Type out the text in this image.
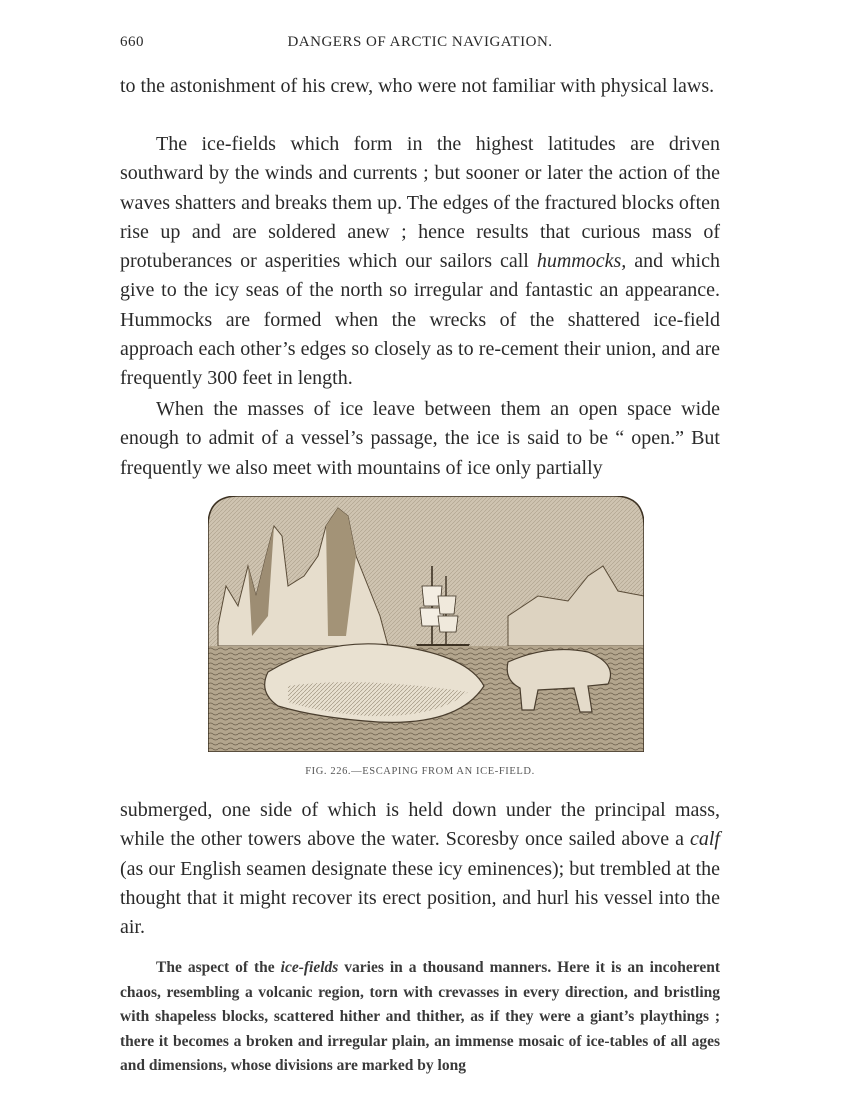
660	DANGERS OF ARCTIC NAVIGATION.

to the astonishment of his crew, who were not familiar with physical laws.

The ice-fields which form in the highest latitudes are driven southward by the winds and currents ; but sooner or later the action of the waves shatters and breaks them up. The edges of the fractured blocks often rise up and are soldered anew ; hence results that curious mass of protuberances or asperities which our sailors call hummocks, and which give to the icy seas of the north so irregular and fantastic an appearance. Hummocks are formed when the wrecks of the shattered ice-field approach each other’s edges so closely as to re-cement their union, and are frequently 300 feet in length.

When the masses of ice leave between them an open space wide enough to admit of a vessel’s passage, the ice is said to be “ open.” But frequently we also meet with mountains of ice only partially

FIG. 226.—ESCAPING FROM AN ICE-FIELD.

submerged, one side of which is held down under the principal mass, while the other towers above the water. Scoresby once sailed above a calf (as our English seamen designate these icy eminences); but trembled at the thought that it might recover its erect position, and hurl his vessel into the air.

The aspect of the ice-fields varies in a thousand manners. Here it is an incoherent chaos, resembling a volcanic region, torn with crevasses in every direction, and bristling with shapeless blocks, scattered hither and thither, as if they were a giant’s playthings ; there it becomes a broken and irregular plain, an immense mosaic of ice-tables of all ages and dimensions, whose divisions are marked by long
